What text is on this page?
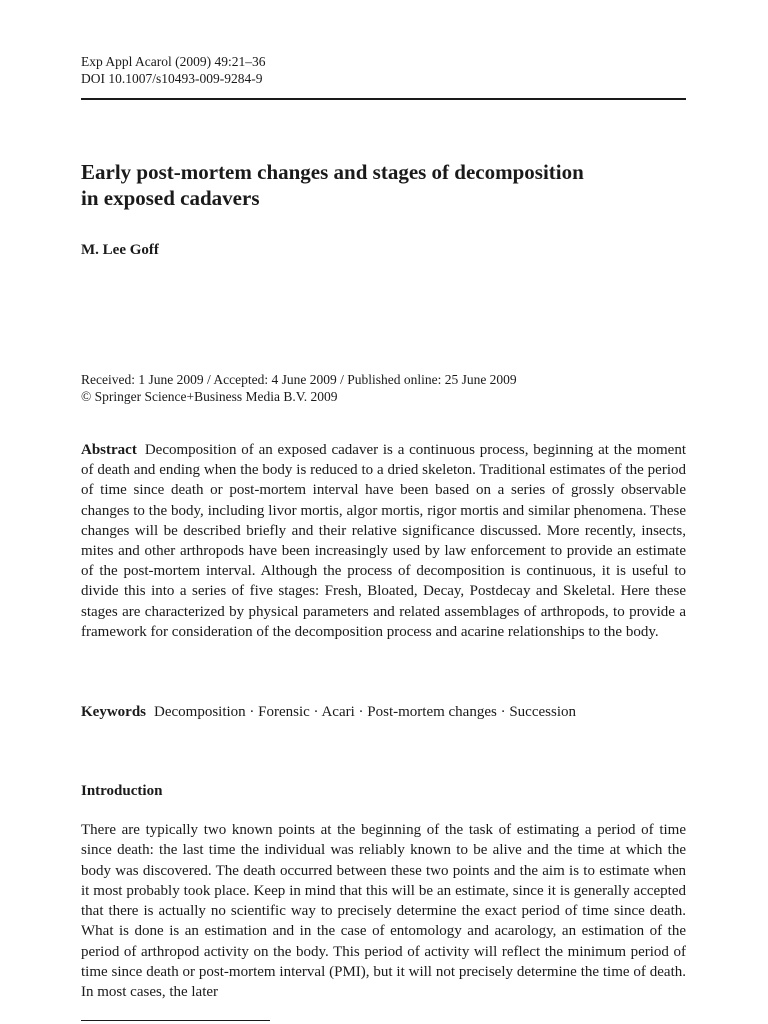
Exp Appl Acarol (2009) 49:21–36
DOI 10.1007/s10493-009-9284-9
Early post-mortem changes and stages of decomposition
in exposed cadavers
M. Lee Goff
Received: 1 June 2009 / Accepted: 4 June 2009 / Published online: 25 June 2009
© Springer Science+Business Media B.V. 2009

Abstract Decomposition of an exposed cadaver is a continuous process, beginning at the moment of death and ending when the body is reduced to a dried skeleton. Traditional estimates of the period of time since death or post-mortem interval have been based on a series of grossly observable changes to the body, including livor mortis, algor mortis, rigor mortis and similar phenomena. These changes will be described briefly and their relative significance discussed. More recently, insects, mites and other arthropods have been increasingly used by law enforcement to provide an estimate of the post-mortem interval. Although the process of decomposition is continuous, it is useful to divide this into a series of five stages: Fresh, Bloated, Decay, Postdecay and Skeletal. Here these stages are characterized by physical parameters and related assemblages of arthropods, to provide a framework for consideration of the decomposition process and acarine relationships to the body.

Keywords Decomposition · Forensic · Acari · Post-mortem changes · Succession

Introduction

There are typically two known points at the beginning of the task of estimating a period of time since death: the last time the individual was reliably known to be alive and the time at which the body was discovered. The death occurred between these two points and the aim is to estimate when it most probably took place. Keep in mind that this will be an estimate, since it is generally accepted that there is actually no scientific way to precisely determine the exact period of time since death. What is done is an estimation and in the case of entomology and acarology, an estimation of the period of arthropod activity on the body. This period of activity will reflect the minimum period of time since death or post-mortem interval (PMI), but it will not precisely determine the time of death. In most cases, the later
